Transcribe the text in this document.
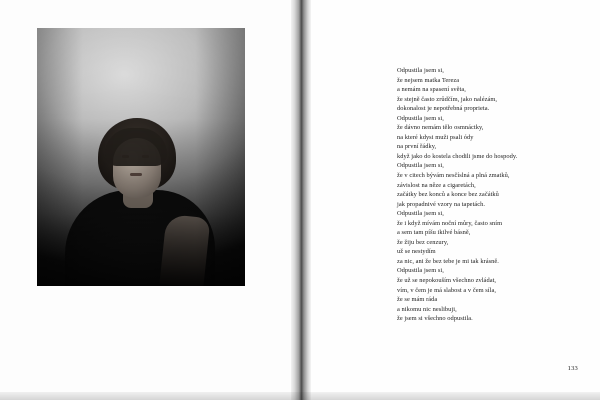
Odpustila jsem si,
že nejsem matka Tereza
a nemám na spasení světa,
že stejně často zrůdčím, jako nalézám,
dokonalost je nepotřebná proprieta.
Odpustila jsem si,
že dávno nemám tělo osmnáctky,
na které kdysi muži psali ódy
na první řádky,
když jako do kostela chodili jsme do hospody.
Odpustila jsem si,
že v citech bývám nesčíslná a plná zmatků,
závislost na nêze a cigaretách,
začátky bez konců a konce bez začátků
jak propadnivé vzory na tapetách.
Odpustila jsem si,
že i když mívám noční můry, často sním
a sem tam píšu ikilvé básně,
že žiju bez cenzury,
už se nestydím
za nic, ani že bez tebe je mi tak krásně.
Odpustila jsem si,
že už se nepokouším všechno zvládat,
vím, v čem je má slabost a v čem síla,
že se mám ráda
a nikomu nic neslibuji,
že jsem si všechno odpustila.
133
